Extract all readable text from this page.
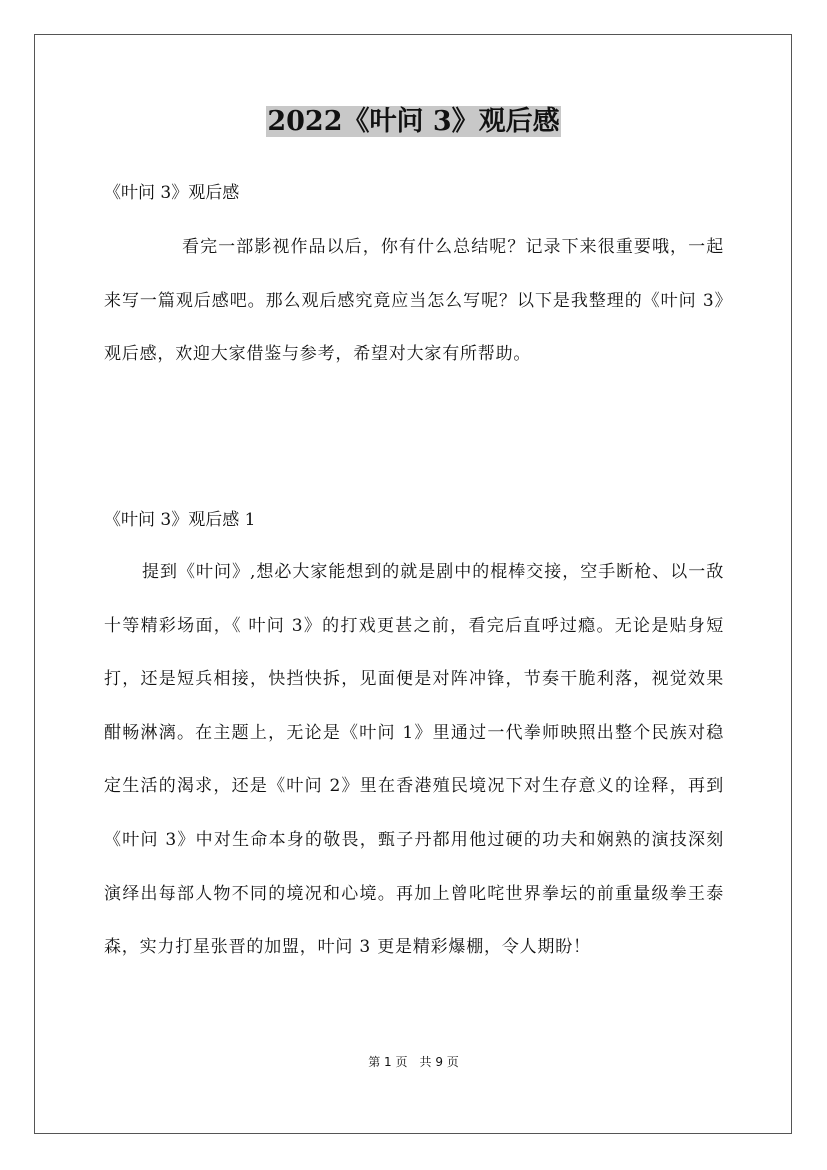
2022《叶问 3》观后感
《叶问 3》观后感

看完一部影视作品以后，你有什么总结呢？记录下来很重要哦，一起来写一篇观后感吧。那么观后感究竟应当怎么写呢？以下是我整理的《叶问 3》观后感，欢迎大家借鉴与参考，希望对大家有所帮助。

《叶问 3》观后感 1

提到《叶问》,想必大家能想到的就是剧中的棍棒交接，空手断枪、以一敌十等精彩场面，《 叶问 3》的打戏更甚之前，看完后直呼过瘾。无论是贴身短打，还是短兵相接，快挡快拆，见面便是对阵冲锋，节奏干脆利落，视觉效果酣畅淋漓。在主题上，无论是《叶问 1》里通过一代拳师映照出整个民族对稳定生活的渴求，还是《叶问 2》里在香港殖民境况下对生存意义的诠释，再到《叶问 3》中对生命本身的敬畏，甄子丹都用他过硬的功夫和娴熟的演技深刻演绎出每部人物不同的境况和心境。再加上曾叱咤世界拳坛的前重量级拳王泰森，实力打星张晋的加盟，叶问 3 更是精彩爆棚，令人期盼！

第 1 页 共 9 页
